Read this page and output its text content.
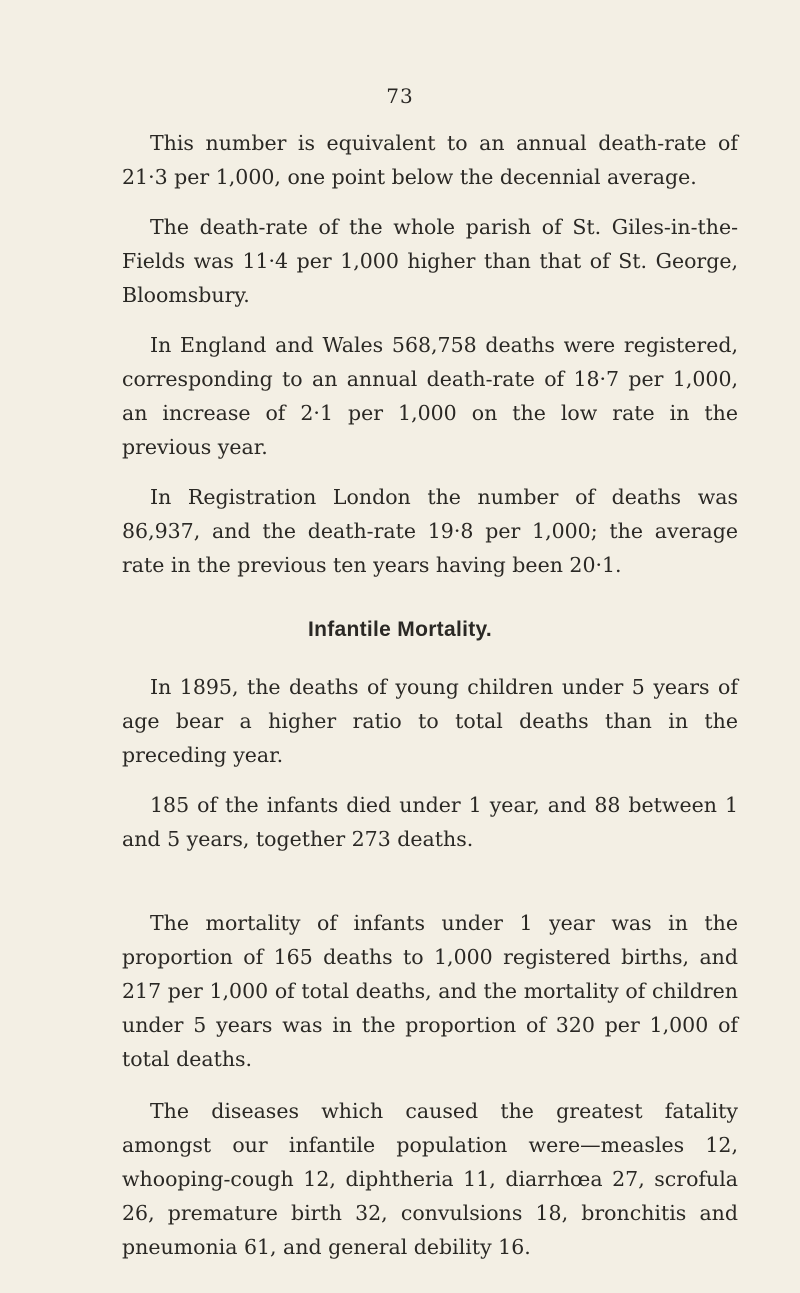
73

This number is equivalent to an annual death-rate of 21·3 per 1,000, one point below the decennial average.

The death-rate of the whole parish of St. Giles-in-the-Fields was 11·4 per 1,000 higher than that of St. George, Bloomsbury.

In England and Wales 568,758 deaths were registered, corresponding to an annual death-rate of 18·7 per 1,000, an increase of 2·1 per 1,000 on the low rate in the previous year.

In Registration London the number of deaths was 86,937, and the death-rate 19·8 per 1,000; the average rate in the previous ten years having been 20·1.

Infantile Mortality.

In 1895, the deaths of young children under 5 years of age bear a higher ratio to total deaths than in the preceding year.

185 of the infants died under 1 year, and 88 between 1 and 5 years, together 273 deaths.

The mortality of infants under 1 year was in the proportion of 165 deaths to 1,000 registered births, and 217 per 1,000 of total deaths, and the mortality of children under 5 years was in the proportion of 320 per 1,000 of total deaths.

The diseases which caused the greatest fatality amongst our infantile population were—measles 12, whooping-cough 12, diphtheria 11, diarrhœa 27, scrofula 26, premature birth 32, convulsions 18, bronchitis and pneumonia 61, and general debility 16.
